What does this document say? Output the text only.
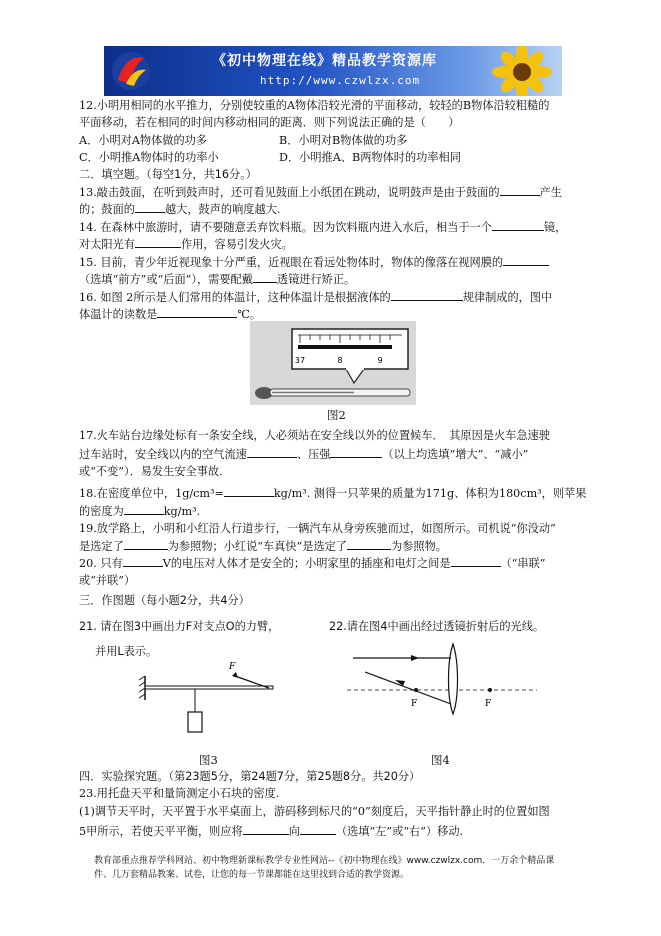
《初中物理在线》精品教学资源库
http://www.czwlzx.com
12.小明用相同的水平推力，分别使较重的A物体沿较光滑的平面移动，较轻的B物体沿较粗糙的
平面移动，若在相同的时间内移动相同的距离．则下列说法正确的是（　　）
A．小明对A物体做的功多	B．小明对B物体做的功多
C．小明推A物体时的功率小	D．小明推A、B两物体时的功率相同
二．填空题。（每空1分，共16分。）
13.敲击鼓面，在听到鼓声时，还可看见鼓面上小纸团在跳动，说明鼓声是由于鼓面的	产生
的；鼓面的	越大，鼓声的响度越大.
14. 在森林中旅游时，请不要随意丢弃饮料瓶。因为饮料瓶内进入水后，相当于一个	镜，
对太阳光有	作用，容易引发火灾。
15. 目前，青少年近视现象十分严重，近视眼在看远处物体时，物体的像落在视网膜的
（选填“前方”或“后面”），需要配戴 透镜进行矫正。
16. 如图 2所示是人们常用的体温计，这种体温计是根据液体的	规律制成的，图中
体温计的读数是	℃。
37	8	9
图2
17.火车站台边缘处标有一条安全线，人必须站在安全线以外的位置候车．　其原因是火车急速驶
过车站时，安全线以内的空气流速	、压强	（以上均选填“增大”、“减小”
或“不变”）．易发生安全事故.
18.在密度单位中，1g/cm³=	kg/m³. 测得一只苹果的质量为171g、体积为180cm³，则苹果
的密度为	kg/m³.
19.放学路上，小明和小红沿人行道步行，一辆汽车从身旁疾驰而过，如图所示。司机说“你没动”
是选定了	为参照物；小红说“车真快”是选定了	为参照物。
20. 只有	V的电压对人体才是安全的；小明家里的插座和电灯之间是	（“串联”
或“并联”）
三．作图题（每小题2分，共4分）
21. 请在图3中画出力F对支点O的力臂，	22.请在图4中画出经过透镜折射后的光线。
并用L表示。
F
图3
F	F
图4
四．实验探究题。（第23题5分，第24题7分，第25题8分。共20分）
23.用托盘天平和量筒测定小石块的密度.
(1)调节天平时，天平置于水平桌面上，游码移到标尺的“0”刻度后，天平指针静止时的位置如图
5甲所示，若使天平平衡，则应将	向	（选填“左”或“右”）移动.
教育部重点推荐学科网站、初中物理新课标教学专业性网站--《初中物理在线》www.czwlzx.com．一万余个精品课
件、几万套精品教案、试卷，让您的每一节课都能在这里找到合适的教学资源。
